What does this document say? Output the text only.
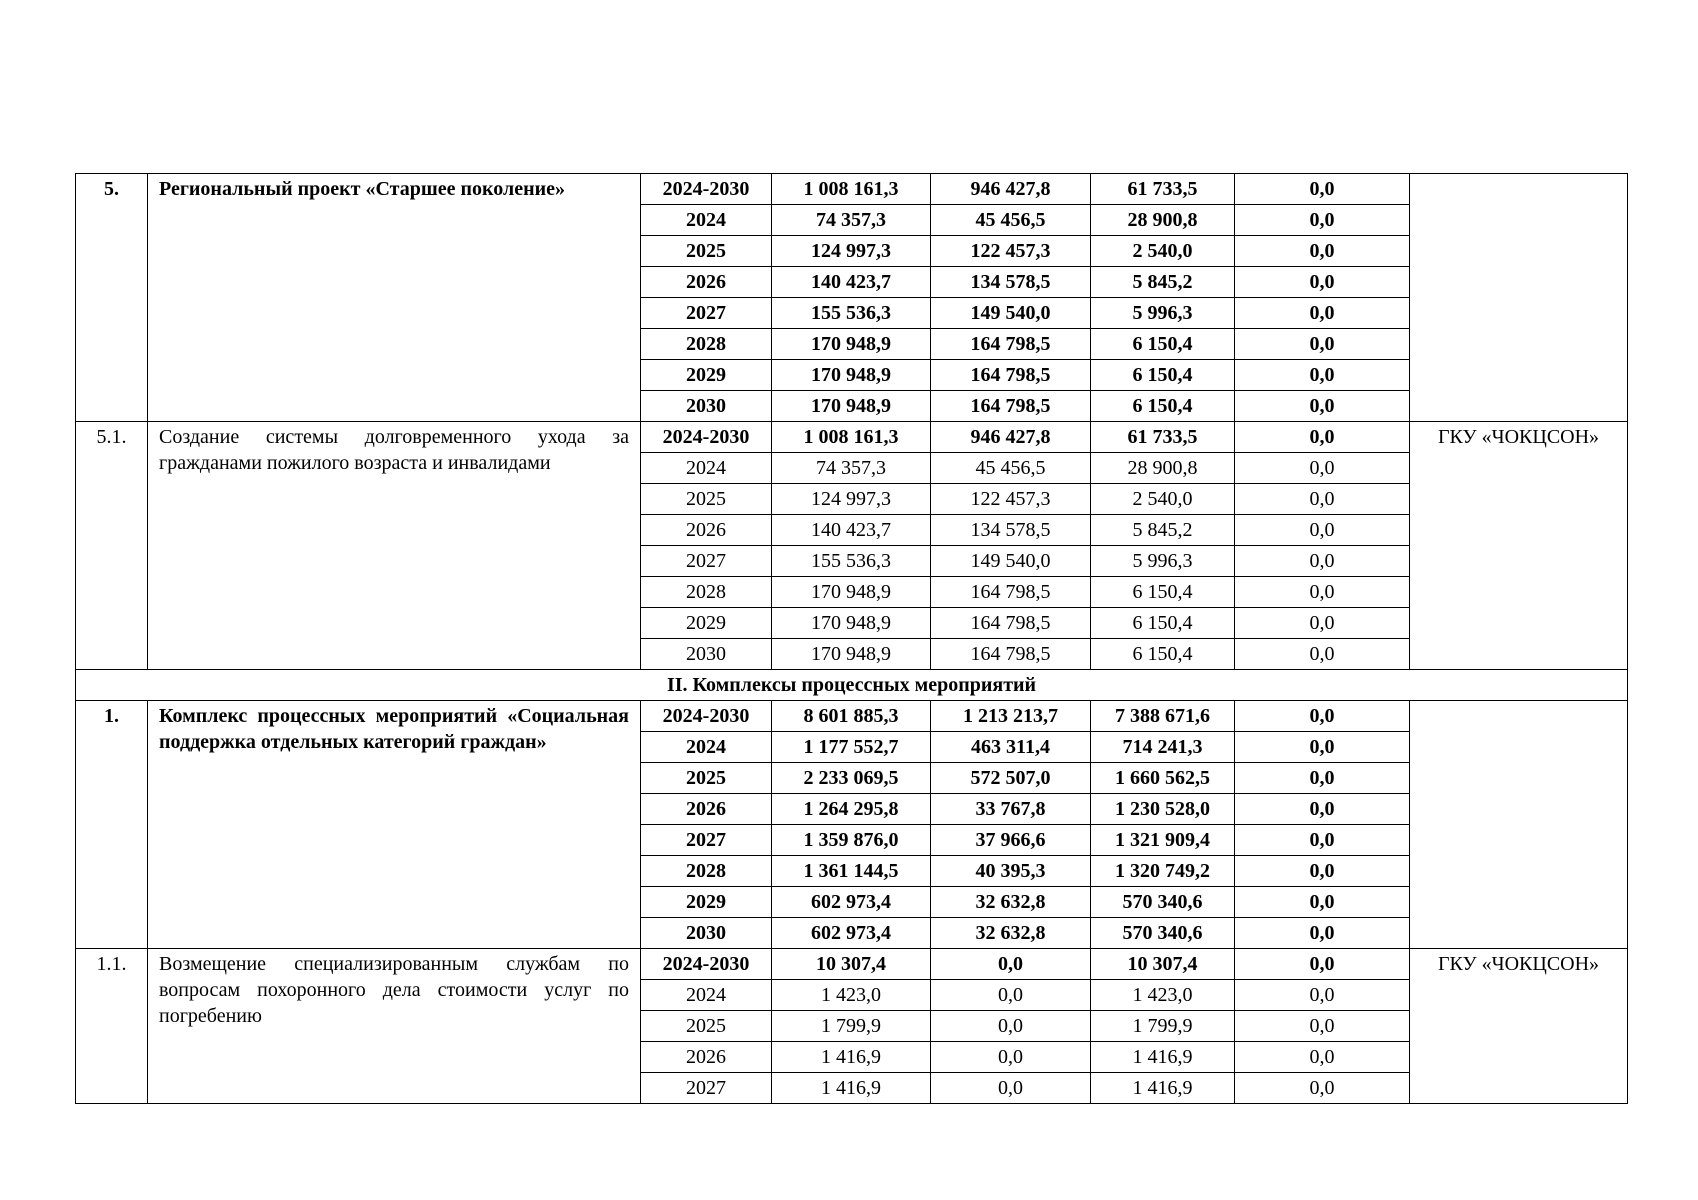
5.	Региональный проект «Старшее поколение»	2024-2030	1 008 161,3	946 427,8	61 733,5	0,0	
		2024	74 357,3	45 456,5	28 900,8	0,0	
		2025	124 997,3	122 457,3	2 540,0	0,0	
		2026	140 423,7	134 578,5	5 845,2	0,0	
		2027	155 536,3	149 540,0	5 996,3	0,0	
		2028	170 948,9	164 798,5	6 150,4	0,0	
		2029	170 948,9	164 798,5	6 150,4	0,0	
		2030	170 948,9	164 798,5	6 150,4	0,0	
5.1.	Создание системы долговременного ухода за гражданами пожилого возраста и инвалидами	2024-2030	1 008 161,3	946 427,8	61 733,5	0,0	ГКУ «ЧОКЦСОН»
		2024	74 357,3	45 456,5	28 900,8	0,0	
		2025	124 997,3	122 457,3	2 540,0	0,0	
		2026	140 423,7	134 578,5	5 845,2	0,0	
		2027	155 536,3	149 540,0	5 996,3	0,0	
		2028	170 948,9	164 798,5	6 150,4	0,0	
		2029	170 948,9	164 798,5	6 150,4	0,0	
		2030	170 948,9	164 798,5	6 150,4	0,0	
II. Комплексы процессных мероприятий							
1.	Комплекс процессных мероприятий «Социальная поддержка отдельных категорий граждан»	2024-2030	8 601 885,3	1 213 213,7	7 388 671,6	0,0	
		2024	1 177 552,7	463 311,4	714 241,3	0,0	
		2025	2 233 069,5	572 507,0	1 660 562,5	0,0	
		2026	1 264 295,8	33 767,8	1 230 528,0	0,0	
		2027	1 359 876,0	37 966,6	1 321 909,4	0,0	
		2028	1 361 144,5	40 395,3	1 320 749,2	0,0	
		2029	602 973,4	32 632,8	570 340,6	0,0	
		2030	602 973,4	32 632,8	570 340,6	0,0	
1.1.	Возмещение специализированным службам по вопросам похоронного дела стоимости услуг по погребению	2024-2030	10 307,4	0,0	10 307,4	0,0	ГКУ «ЧОКЦСОН»
		2024	1 423,0	0,0	1 423,0	0,0	
		2025	1 799,9	0,0	1 799,9	0,0	
		2026	1 416,9	0,0	1 416,9	0,0	
		2027	1 416,9	0,0	1 416,9	0,0	
